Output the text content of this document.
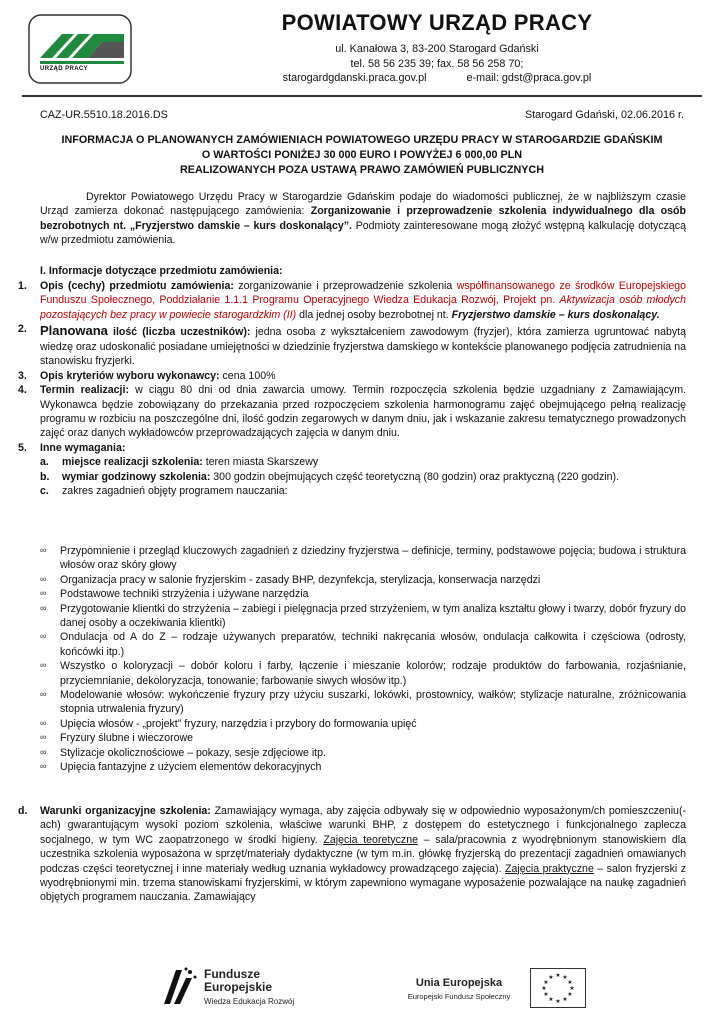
URZĄD PRACY
POWIATOWY URZĄD PRACY
ul. Kanałowa 3, 83-200 Starogard Gdański
tel. 58 56 235 39; fax. 58 56 258 70;
starogardgdanski.praca.gov.pl	e-mail: gdst@praca.gov.pl
CAZ-UR.5510.18.2016.DS	Starogard Gdański, 02.06.2016 r.
INFORMACJA O PLANOWANYCH ZAMÓWIENIACH POWIATOWEGO URZĘDU PRACY W STAROGARDZIE GDAŃSKIM
O WARTOŚCI PONIŻEJ 30 000 EURO I POWYŻEJ 6 000,00 PLN
REALIZOWANYCH POZA USTAWĄ PRAWO ZAMÓWIEŃ PUBLICZNYCH
Dyrektor Powiatowego Urzędu Pracy w Starogardzie Gdańskim podaje do wiadomości publicznej, że w najbliższym czasie Urząd zamierza dokonać następującego zamówienia: Zorganizowanie i przeprowadzenie szkolenia indywidualnego dla osób bezrobotnych nt. „Fryzjerstwo damskie – kurs doskonalący”. Podmioty zainteresowane mogą złożyć wstępną kalkulację dotyczącą w/w przedmiotu zamówienia.
I. Informacje dotyczące przedmiotu zamówienia:
1. Opis (cechy) przedmiotu zamówienia: zorganizowanie i przeprowadzenie szkolenia współfinansowanego ze środków Europejskiego Funduszu Społecznego, Poddziałanie 1.1.1 Programu Operacyjnego Wiedza Edukacja Rozwój, Projekt pn. Aktywizacja osób młodych pozostających bez pracy w powiecie starogardzkim (II) dla jednej osoby bezrobotnej nt. Fryzjerstwo damskie – kurs doskonalący.
2. Planowana ilość (liczba uczestników): jedna osoba z wykształceniem zawodowym (fryzjer), która zamierza ugruntować nabytą wiedzę oraz udoskonalić posiadane umiejętności w dziedzinie fryzjerstwa damskiego w kontekście planowanego podjęcia zatrudnienia na stanowisku fryzjerki.
3. Opis kryteriów wyboru wykonawcy: cena 100%
4. Termin realizacji: w ciągu 80 dni od dnia zawarcia umowy. Termin rozpoczęcia szkolenia będzie uzgadniany z Zamawiającym. Wykonawca będzie zobowiązany do przekazania przed rozpoczęciem szkolenia harmonogramu zajęć obejmującego pełną realizację programu w rozbiciu na poszczególne dni, ilość godzin zegarowych w danym dniu, jak i wskazanie zakresu tematycznego prowadzonych zajęć oraz danych wykładowców przeprowadzających zajęcia w danym dniu.
5. Inne wymagania:
a. miejsce realizacji szkolenia: teren miasta Skarszewy
b. wymiar godzinowy szkolenia: 300 godzin obejmujących część teoretyczną (80 godzin) oraz praktyczną (220 godzin).
c. zakres zagadnień objęty programem nauczania:
∞ Przypomnienie i przegląd kluczowych zagadnień z dziedziny fryzjerstwa – definicje, terminy, podstawowe pojęcia; budowa i struktura włosów oraz skóry głowy
∞ Organizacja pracy w salonie fryzjerskim - zasady BHP, dezynfekcja, sterylizacja, konserwacja narzędzi
∞ Podstawowe techniki strzyżenia i używane narzędzia
∞ Przygotowanie klientki do strzyżenia – zabiegi i pielęgnacja przed strzyżeniem, w tym analiza kształtu głowy i twarzy, dobór fryzury do danej osoby a oczekiwania klientki)
∞ Ondulacja od A do Z – rodzaje używanych preparatów, techniki nakręcania włosów, ondulacja całkowita i częściowa (odrosty, końcówki itp.)
∞ Wszystko o koloryzacji – dobór koloru i farby, łączenie i mieszanie kolorów; rodzaje produktów do farbowania, rozjaśnianie, przyciemnianie, dekoloryzacja, tonowanie; farbowanie siwych włosów itp.)
∞ Modelowanie włosów: wykończenie fryzury przy użyciu suszarki, lokówki, prostownicy, wałków; stylizacje naturalne, zróżnicowania stopnia utrwalenia fryzury)
∞ Upięcia włosów - „projekt” fryzury, narzędzia i przybory do formowania upięć
∞ Fryzury ślubne i wieczorowe
∞ Stylizacje okolicznościowe – pokazy, sesje zdjęciowe itp.
∞ Upięcia fantazyjne z użyciem elementów dekoracyjnych
d. Warunki organizacyjne szkolenia: Zamawiający wymaga, aby zajęcia odbywały się w odpowiednio wyposażonym/ch pomieszczeniu(-ach) gwarantującym wysoki poziom szkolenia, właściwe warunki BHP, z dostępem do estetycznego i funkcjonalnego zaplecza socjalnego, w tym WC zaopatrzonego w środki higieny. Zajęcia teoretyczne – sala/pracownia z wyodrębnionym stanowiskiem dla uczestnika szkolenia wyposażona w sprzęt/materiały dydaktyczne (w tym m.in. główkę fryzjerską do prezentacji zagadnień omawianych podczas części teoretycznej i inne materiały według uznania wykładowcy prowadzącego zajęcia). Zajęcia praktyczne – salon fryzjerski z wyodrębnionymi min. trzema stanowiskami fryzjerskimi, w którym zapewniono wymagane wyposażenie pozwalające na naukę zagadnień objętych programem nauczania. Zamawiający
Fundusze
Europejskie
Wiedza Edukacja Rozwój
Unia Europejska
Europejski Fundusz Społeczny
★ ★
★
★
★
★
★
★
★
★
★
★
